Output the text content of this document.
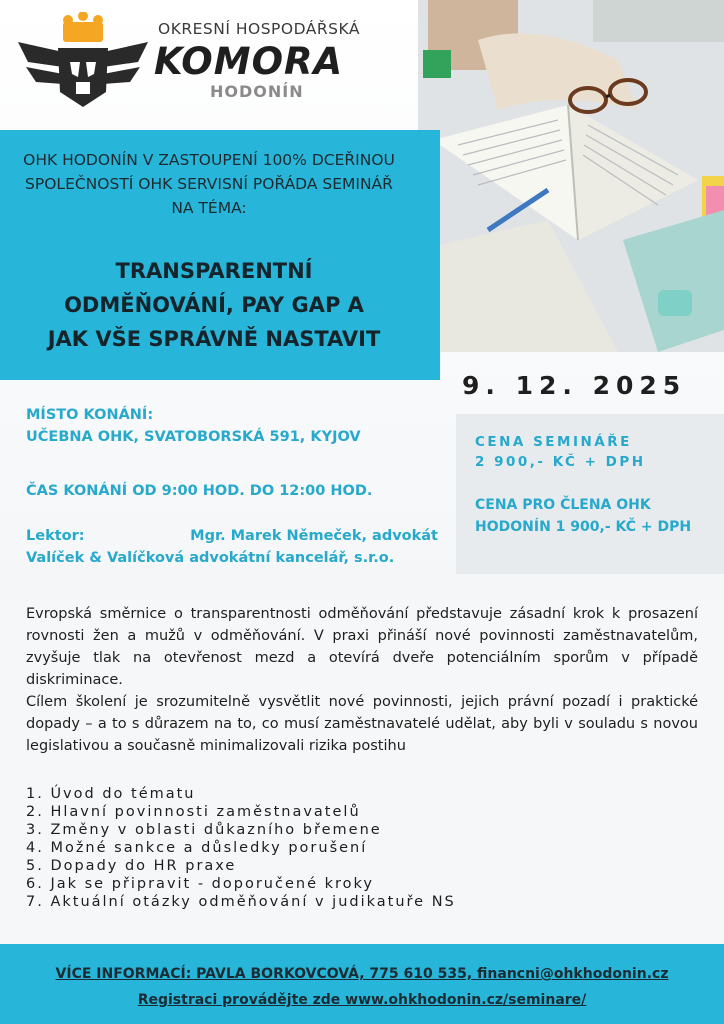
OKRESNÍ HOSPODÁŘSKÁ
KOMORA
HODONÍN
OHK HODONÍN V ZASTOUPENÍ 100% DCEŘINOU SPOLEČNOSTÍ OHK SERVISNÍ POŘÁDA SEMINÁŘ NA TÉMA:
TRANSPARENTNÍ
ODMĚŇOVÁNÍ, PAY GAP A
JAK VŠE SPRÁVNĚ NASTAVIT
9. 12. 2025
CENA SEMINÁŘE
2 900,- KČ + DPH
CENA PRO ČLENA OHK
HODONÍN 1 900,- KČ + DPH
MÍSTO KONÁNÍ:
UČEBNA OHK, SVATOBORSKÁ 591, KYJOV
ČAS KONÁNÍ OD 9:00 HOD. DO 12:00 HOD.
Lektor:	Mgr. Marek Němeček, advokát
Valíček & Valíčková advokátní kancelář, s.r.o.

Evropská směrnice o transparentnosti odměňování představuje zásadní krok k prosazení rovnosti žen a mužů v odměňování. V praxi přináší nové povinnosti zaměstnavatelům, zvyšuje tlak na otevřenost mezd a otevírá dveře potenciálním sporům v případě diskriminace.

Cílem školení je srozumitelně vysvětlit nové povinnosti, jejich právní pozadí i praktické dopady – a to s důrazem na to, co musí zaměstnavatelé udělat, aby byli v souladu s novou legislativou a současně minimalizovali rizika postihu

1. Úvod do tématu
2. Hlavní povinnosti zaměstnavatelů
3. Změny v oblasti důkazního břemene
4. Možné sankce a důsledky porušení
5. Dopady do HR praxe
6. Jak se připravit - doporučené kroky
7. Aktuální otázky odměňování v judikatuře NS
VÍCE INFORMACÍ: PAVLA BORKOVCOVÁ, 775 610 535, financni@ohkhodonin.cz
Registraci provádějte zde www.ohkhodonin.cz/seminare/
